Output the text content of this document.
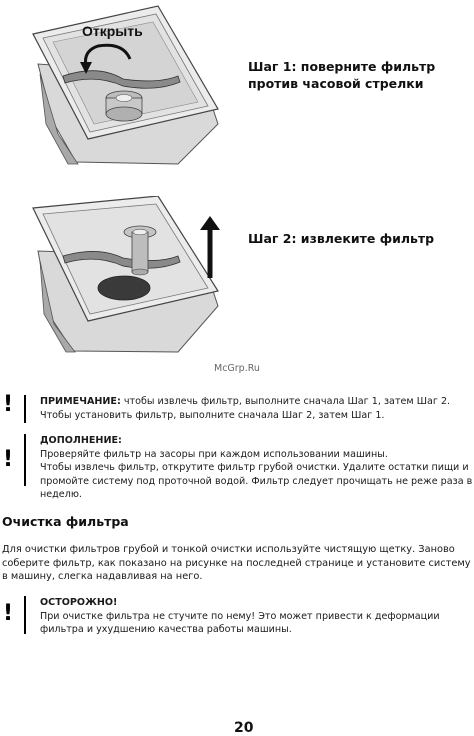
Открыть
Шаг 1: поверните фильтр против часовой стрелки
Шаг 2: извлеките фильтр
McGrp.Ru
!	ПРИМЕЧАНИЕ: чтобы извлечь фильтр, выполните сначала Шаг 1, затем Шаг 2. Чтобы установить фильтр, выполните сначала Шаг 2, затем Шаг 1.
!
ДОПОЛНЕНИЕ:
Проверяйте фильтр на засоры при каждом использовании машины.
Чтобы извлечь фильтр, открутите фильтр грубой очистки. Удалите остатки пищи и промойте систему под проточной водой. Фильтр следует прочищать не реже раза в неделю.
Очистка фильтра
Для очистки фильтров грубой и тонкой очистки используйте чистящую щетку. Заново соберите фильтр, как показано на рисунке на последней странице и установите систему в машину, слегка надавливая на него.
!	ОСТОРОЖНО!
При очистке фильтра не стучите по нему! Это может привести к деформации фильтра и ухудшению качества работы машины.
20
